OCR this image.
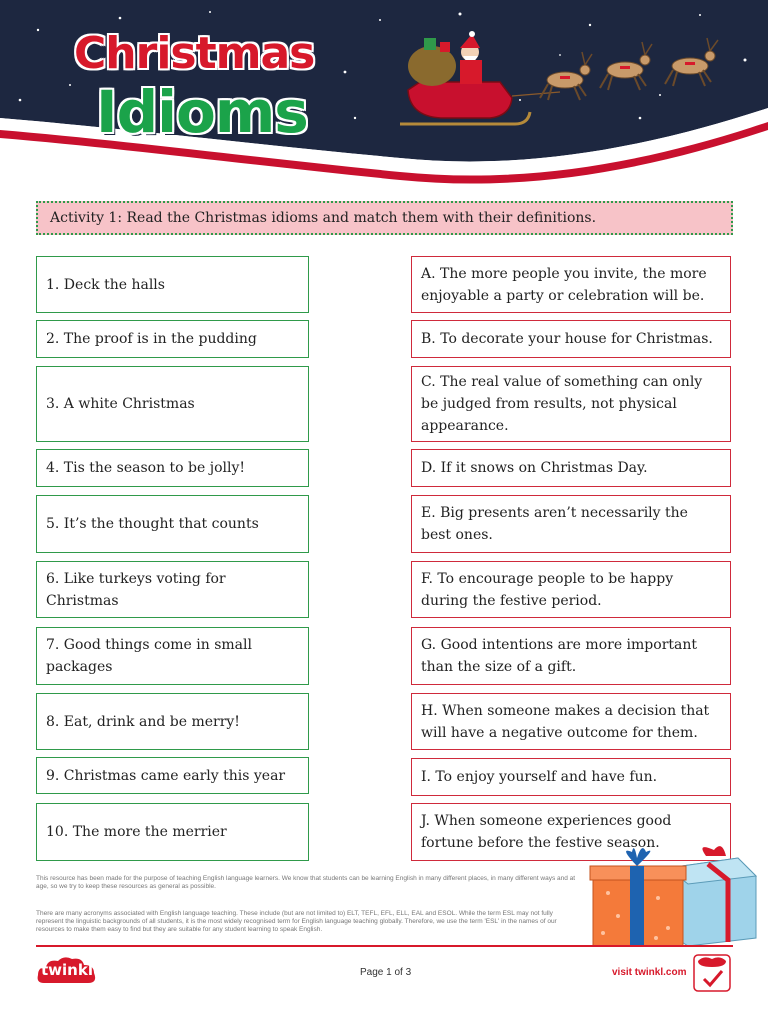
Christmas
Idioms
Activity 1: Read the Christmas idioms and match them with their definitions.
1. Deck the halls
2. The proof is in the pudding
3. A white Christmas
4. Tis the season to be jolly!
5. It’s the thought that counts
6. Like turkeys voting for Christmas
7. Good things come in small packages
8. Eat, drink and be merry!
9. Christmas came early this year
10. The more the merrier
A. The more people you invite, the more enjoyable a party or celebration will be.
B. To decorate your house for Christmas.
C. The real value of something can only be judged from results, not physical appearance.
D. If it snows on Christmas Day.
E. Big presents aren’t necessarily the best ones.
F. To encourage people to be happy during the festive period.
G. Good intentions are more important than the size of a gift.
H. When someone makes a decision that will have a negative outcome for them.
I. To enjoy yourself and have fun.
J. When someone experiences good fortune before the festive season.
This resource has been made for the purpose of teaching English language learners. We know that students can be learning English in many different places, in many different ways and at age, so we try to keep these resources as general as possible.
There are many acronyms associated with English language teaching. These include (but are not limited to) ELT, TEFL, EFL, ELL, EAL and ESOL. While the term ESL may not fully represent the linguistic backgrounds of all students, it is the most widely recognised term for English language teaching globally. Therefore, we use the term 'ESL' in the names of our resources to make them easy to find but they are suitable for any student learning to speak English.
twinkl	Page 1 of 3	visit twinkl.com
